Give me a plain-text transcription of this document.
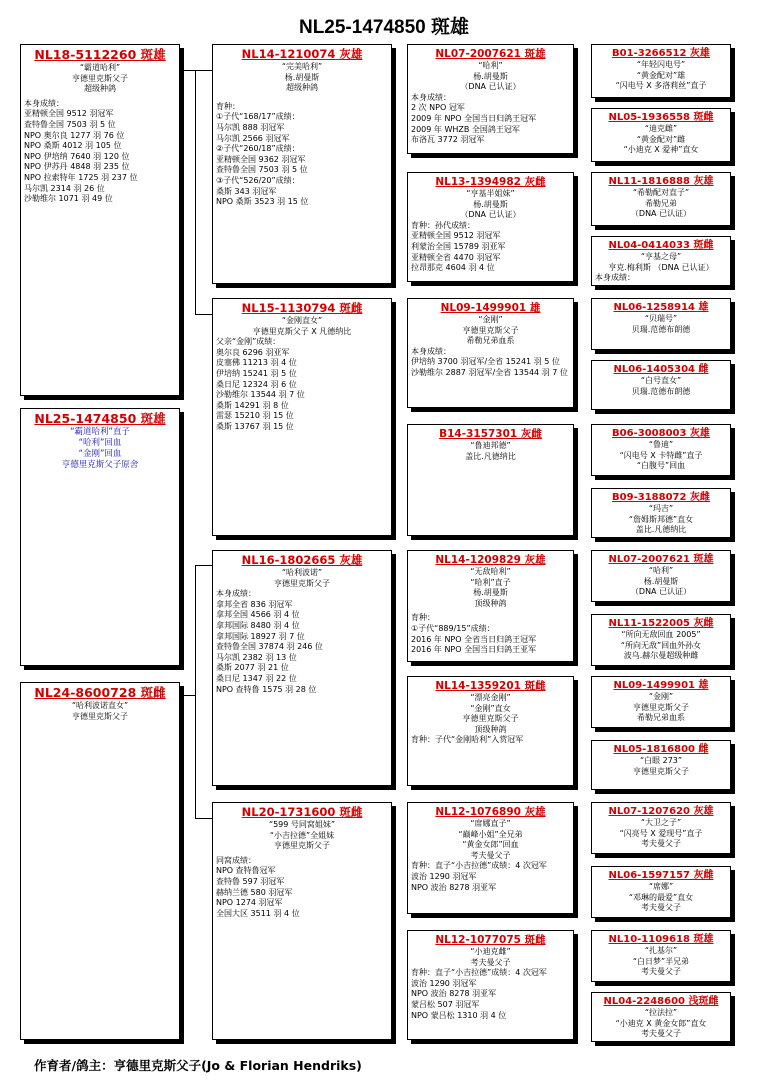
NL25-1474850 斑雄
NL18-5112260 斑雄
“霸道哈利”
亨德里克斯父子
超级种鸽
本身成绩：
亚精顿全国 9512 羽冠军
查特鲁全国 7503 羽 5 位
NPO 奥尔良 1277 羽 76 位
NPO 桑斯 4012 羽 105 位
NPO 伊培纳 7640 羽 120 位
NPO 伊苏丹 4848 羽 235 位
NPO 拉索特年 1725 羽 237 位
马尔凯 2314 羽 26 位
沙勒维尔 1071 羽 49 位
NL25-1474850 斑雄
“霸道哈利”直子
“哈利”回血
“金刚”回血
亨德里克斯父子原舍
NL24-8600728 斑雌
“哈利波诺直女”
亨德里克斯父子
NL14-1210074 灰雄
“完美哈利”
杨.胡曼斯
超级种鸽
育种：
①子代“168/17”成绩：
马尔凯 888 羽冠军
马尔凯 2566 羽冠军
②子代“260/18”成绩：
亚精顿全国 9362 羽冠军
查特鲁全国 7503 羽 5 位
③子代“526/20”成绩：
桑斯 343 羽冠军
NPO 桑斯 3523 羽 15 位
NL15-1130794 斑雌
“金刚直女”
亨德里克斯父子 X 凡德纳比
父亲“金刚”成绩：
奥尔良 6296 羽亚军
皮塞佛 11213 羽 4 位
伊培纳 15241 羽 5 位
桑日尼 12324 羽 6 位
沙勒维尔 13544 羽 7 位
桑斯 14291 羽 8 位
雷瑟 15210 羽 15 位
桑斯 13767 羽 15 位
NL16-1802665 灰雄
“哈利波诺”
亨德里克斯父子
本身成绩：
拿邦全省 836 羽冠军
拿邦全国 4566 羽 4 位
拿邦国际 8480 羽 4 位
拿邦国际 18927 羽 7 位
查特鲁全国 37874 羽 246 位
马尔凯 2382 羽 13 位
桑斯 2077 羽 21 位
桑日尼 1347 羽 22 位
NPO 查特鲁 1575 羽 28 位
NL20-1731600 斑雌
“599 号同窝姐妹”
“小吉拉德”全姐妹
亨德里克斯父子
同窝成绩：
NPO 查特鲁冠军
查特鲁 597 羽冠军
赫纳兰德 580 羽冠军
NPO 1274 羽冠军
全国大区 3511 羽 4 位
NL07-2007621 斑雄
“哈利”
杨.胡曼斯
（DNA 已认证）
本身成绩：
2 次 NPO 冠军
2009 年 NPO 全国当日归鸽王冠军
2009 年 WHZB 全国鸽王冠军
布洛瓦 3772 羽冠军
NL13-1394982 灰雌
“亨基半姐妹”
杨.胡曼斯
（DNA 已认证）
育种：孙代成绩：
亚精顿全国 9512 羽冠军
利蒙治全国 15789 羽亚军
亚精顿全省 4470 羽冠军
拉昂那克 4604 羽 4 位
NL09-1499901 雄
“金刚”
亨德里克斯父子
希勒兄弟血系
本身成绩：
伊培纳 3700 羽冠军/全省 15241 羽 5 位
沙勒维尔 2887 羽冠军/全省 13544 羽 7 位
B14-3157301 灰雌
“鲁迪邦德”
盖比.凡德纳比
NL14-1209829 灰雄
“无敌哈利”
“哈利”直子
杨.胡曼斯
顶级种鸽
育种：
①子代“889/15”成绩：
2016 年 NPO 全省当日归鸽王冠军
2016 年 NPO 全国当日归鸽王亚军
NL14-1359201 斑雌
“漂亮金刚”
“金刚”直女
亨德里克斯父子
顶级种鸽
育种：子代“金刚哈利”入赏冠军
NL12-1076890 灰雄
“席娜直子”
“巅峰小姐”全兄弟
“黄金女郎”回血
考夫曼父子
育种：直子“小吉拉德”成绩：4 次冠军
波治 1290 羽冠军
NPO 波治 8278 羽亚军
NL12-1077075 斑雌
“小迪克雌”
考夫曼父子
育种：直子“小吉拉德”成绩：4 次冠军
波治 1290 羽冠军
NPO 波治 8278 羽亚军
蒙吕松 507 羽冠军
NPO 蒙吕松 1310 羽 4 位
B01-3266512 灰雄
“年轻闪电号”
“黄金配对”雄
“闪电号 X 多洛莉丝”直子
NL05-1936558 斑雌
“迪克雌”
“黄金配对”雌
“小迪克 X 爱神”直女
NL11-1816888 灰雄
“希勒配对直子”
希勒兄弟
（DNA 已认证）
NL04-0414033 斑雌
“亨基之母”
亨克.梅利斯 （DNA 已认证）
本身成绩：
NL06-1258914 雄
“贝瑞号”
贝瑞.范德布朗德
NL06-1405304 雌
“白号直女”
贝瑞.范德布朗德
B06-3008003 灰雄
“鲁迪”
“闪电号 X 卡特雌”直子
“白腹号”回血
B09-3188072 灰雌
“玛吉”
“詹姆斯邦德”直女
盖比.凡德纳比
NL07-2007621 斑雄
“哈利”
杨.胡曼斯
（DNA 已认证）
NL11-1522005 灰雌
“所向无敌回血 2005”
“所向无敌”回血外孙女
波乌.赫尔曼超级种雌
NL09-1499901 雄
“金刚”
亨德里克斯父子
希勒兄弟血系
NL05-1816800 雌
“白眼 273”
亨德里克斯父子
NL07-1207620 灰雄
“大卫之子”
“闪亮号 X 爱现号”直子
考夫曼父子
NL06-1597157 灰雌
“席娜”
“邓琳的最爱”直女
考夫曼父子
NL10-1109618 斑雄
“扎基尔”
“白日梦”半兄弟
考夫曼父子
NL04-2248600 浅斑雌
“拉法拉”
“小迪克 X 黄金女郎”直女
考夫曼父子
作育者/鸽主：亨德里克斯父子(Jo & Florian Hendriks)
